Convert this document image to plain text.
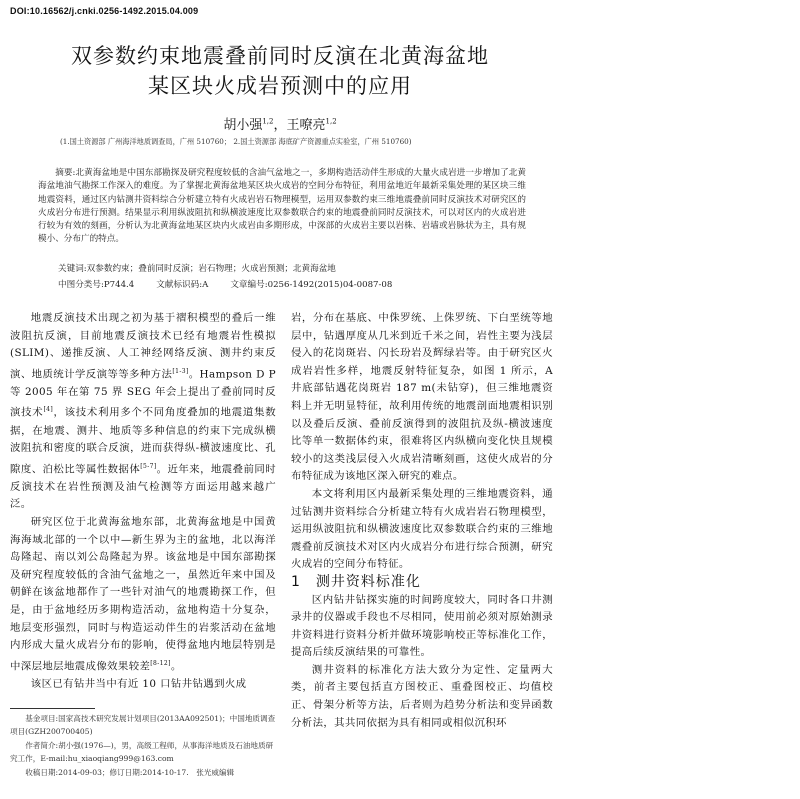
DOI:10.16562/j.cnki.0256-1492.2015.04.009
双参数约束地震叠前同时反演在北黄海盆地
某区块火成岩预测中的应用
胡小强$^{1,2}$，王嘹亮$^{1,2}$
(1.国土资源部 广州海洋地质调查局，广州 510760； 2.国土资源部 海底矿产资源重点实验室，广州 510760)
摘要:北黄海盆地是中国东部勘探及研究程度较低的含油气盆地之一，多期构造活动伴生形成的大量火成岩进一步增加了北黄海盆地油气勘探工作深入的难度。为了掌握北黄海盆地某区块火成岩的空间分布特征，利用盆地近年最新采集处理的某区块三维地震资料，通过区内钻测井资料综合分析建立特有火成岩岩石物理模型，运用双参数约束三维地震叠前同时反演技术对研究区的火成岩分布进行预测。结果显示利用纵波阻抗和纵横波速度比双参数联合约束的地震叠前同时反演技术，可以对区内的火成岩进行较为有效的刻画，分析认为北黄海盆地某区块内火成岩由多期形成，中深部的火成岩主要以岩株、岩墙或岩脉状为主，具有规模小、分布广的特点。
关键词:双参数约束；叠前同时反演；岩石物理；火成岩预测；北黄海盆地
中图分类号:P744.4	文献标识码:A	文章编号:0256-1492(2015)04-0087-08

地震反演技术出现之初为基于褶积模型的叠后一维波阻抗反演，目前地震反演技术已经有地震岩性模拟(SLIM)、递推反演、人工神经网络反演、测井约束反演、地质统计学反演等等多种方法[1-3]。Hampson D P 等 2005 年在第 75 界 SEG 年会上提出了叠前同时反演技术[4]，该技术利用多个不同角度叠加的地震道集数据，在地震、测井、地质等多种信息的约束下完成纵横波阻抗和密度的联合反演，进而获得纵-横波速度比、孔隙度、泊松比等属性数据体[5-7]。近年来，地震叠前同时反演技术在岩性预测及油气检测等方面运用越来越广泛。

研究区位于北黄海盆地东部，北黄海盆地是中国黄海海域北部的一个以中—新生界为主的盆地，北以海洋岛隆起、南以刘公岛隆起为界。该盆地是中国东部勘探及研究程度较低的含油气盆地之一，虽然近年来中国及朝鲜在该盆地都作了一些针对油气的地震勘探工作，但是，由于盆地经历多期构造活动，盆地构造十分复杂，地层变形强烈，同时与构造运动伴生的岩浆活动在盆地内形成大量火成岩分布的影响，使得盆地内地层特别是中深层地层地震成像效果较差[8-12]。

该区已有钻井当中有近 10 口钻井钻遇到火成

基金项目:国家高技术研究发展计划项目(2013AA092501)；中国地质调查项目(GZH200700405)

作者简介:胡小强(1976—)，男，高级工程师，从事海洋地质及石油地质研究工作，E-mail:hu_xiaoqiang999@163.com

收稿日期:2014-09-03；修订日期:2014-10-17.　张光威编辑

岩，分布在基底、中侏罗统、上侏罗统、下白垩统等地层中，钻遇厚度从几米到近千米之间，岩性主要为浅层侵入的花岗斑岩、闪长玢岩及辉绿岩等。由于研究区火成岩岩性多样，地震反射特征复杂，如图 1 所示，A 井底部钻遇花岗斑岩 187 m(未钻穿)，但三维地震资料上并无明显特征，故利用传统的地震剖面地震相识别以及叠后反演、叠前反演得到的波阻抗及纵-横波速度比等单一数据体约束，很难将区内纵横向变化快且规模较小的这类浅层侵入火成岩清晰刻画，这使火成岩的分布特征成为该地区深入研究的难点。

本文将利用区内最新采集处理的三维地震资料，通过钻测井资料综合分析建立特有火成岩岩石物理模型，运用纵波阻抗和纵横波速度比双参数联合约束的三维地震叠前反演技术对区内火成岩分布进行综合预测，研究火成岩的空间分布特征。

1　测井资料标准化

区内钻井钻探实施的时间跨度较大，同时各口井测录井的仪器或手段也不尽相同，使用前必须对原始测录井资料进行资料分析并做环境影响校正等标准化工作，提高后续反演结果的可靠性。

测井资料的标准化方法大致分为定性、定量两大类，前者主要包括直方图校正、重叠图校正、均值校正、骨架分析等方法，后者则为趋势分析法和变异函数分析法，其共同依据为具有相同或相似沉积环
